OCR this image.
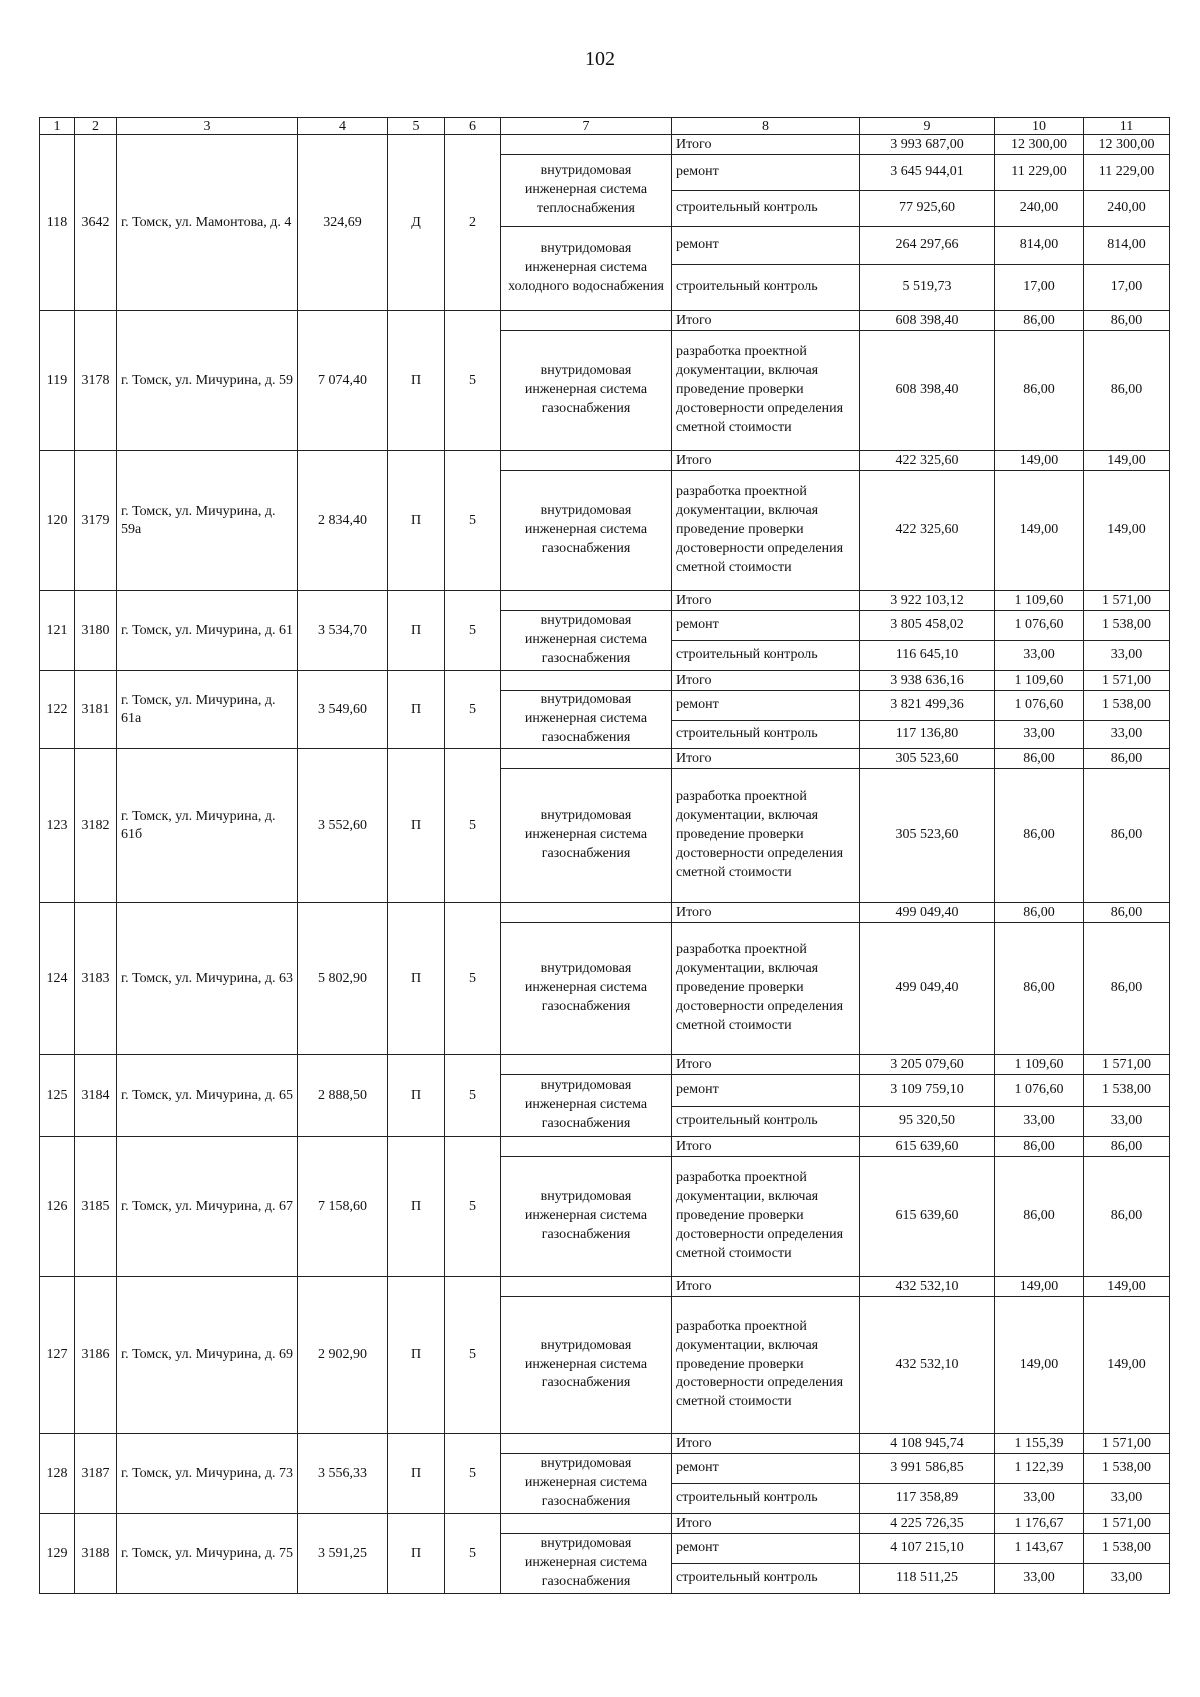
102
1	2	3	4	5	6	7	8	9	10	11
118	3642	г. Томск, ул. Мамонтова, д. 4	324,69	Д	2		Итого	3 993 687,00	12 300,00	12 300,00
						внутридомовая инженерная система теплоснабжения	ремонт	3 645 944,01	11 229,00	11 229,00
							строительный контроль	77 925,60	240,00	240,00
						внутридомовая инженерная система холодного водоснабжения	ремонт	264 297,66	814,00	814,00
							строительный контроль	5 519,73	17,00	17,00
119	3178	г. Томск, ул. Мичурина, д. 59	7 074,40	П	5		Итого	608 398,40	86,00	86,00
						внутридомовая инженерная система газоснабжения	разработка проектной документации, включая проведение проверки достоверности определения сметной стоимости	608 398,40	86,00	86,00
120	3179	г. Томск, ул. Мичурина, д. 59а	2 834,40	П	5		Итого	422 325,60	149,00	149,00
						внутридомовая инженерная система газоснабжения	разработка проектной документации, включая проведение проверки достоверности определения сметной стоимости	422 325,60	149,00	149,00
121	3180	г. Томск, ул. Мичурина, д. 61	3 534,70	П	5		Итого	3 922 103,12	1 109,60	1 571,00
						внутридомовая инженерная система газоснабжения	ремонт	3 805 458,02	1 076,60	1 538,00
							строительный контроль	116 645,10	33,00	33,00
122	3181	г. Томск, ул. Мичурина, д. 61а	3 549,60	П	5		Итого	3 938 636,16	1 109,60	1 571,00
						внутридомовая инженерная система газоснабжения	ремонт	3 821 499,36	1 076,60	1 538,00
							строительный контроль	117 136,80	33,00	33,00
123	3182	г. Томск, ул. Мичурина, д. 61б	3 552,60	П	5		Итого	305 523,60	86,00	86,00
						внутридомовая инженерная система газоснабжения	разработка проектной документации, включая проведение проверки достоверности определения сметной стоимости	305 523,60	86,00	86,00
124	3183	г. Томск, ул. Мичурина, д. 63	5 802,90	П	5		Итого	499 049,40	86,00	86,00
						внутридомовая инженерная система газоснабжения	разработка проектной документации, включая проведение проверки достоверности определения сметной стоимости	499 049,40	86,00	86,00
125	3184	г. Томск, ул. Мичурина, д. 65	2 888,50	П	5		Итого	3 205 079,60	1 109,60	1 571,00
						внутридомовая инженерная система газоснабжения	ремонт	3 109 759,10	1 076,60	1 538,00
							строительный контроль	95 320,50	33,00	33,00
126	3185	г. Томск, ул. Мичурина, д. 67	7 158,60	П	5		Итого	615 639,60	86,00	86,00
						внутридомовая инженерная система газоснабжения	разработка проектной документации, включая проведение проверки достоверности определения сметной стоимости	615 639,60	86,00	86,00
127	3186	г. Томск, ул. Мичурина, д. 69	2 902,90	П	5		Итого	432 532,10	149,00	149,00
						внутридомовая инженерная система газоснабжения	разработка проектной документации, включая проведение проверки достоверности определения сметной стоимости	432 532,10	149,00	149,00
128	3187	г. Томск, ул. Мичурина, д. 73	3 556,33	П	5		Итого	4 108 945,74	1 155,39	1 571,00
						внутридомовая инженерная система газоснабжения	ремонт	3 991 586,85	1 122,39	1 538,00
							строительный контроль	117 358,89	33,00	33,00
129	3188	г. Томск, ул. Мичурина, д. 75	3 591,25	П	5		Итого	4 225 726,35	1 176,67	1 571,00
						внутридомовая инженерная система газоснабжения	ремонт	4 107 215,10	1 143,67	1 538,00
							строительный контроль	118 511,25	33,00	33,00
